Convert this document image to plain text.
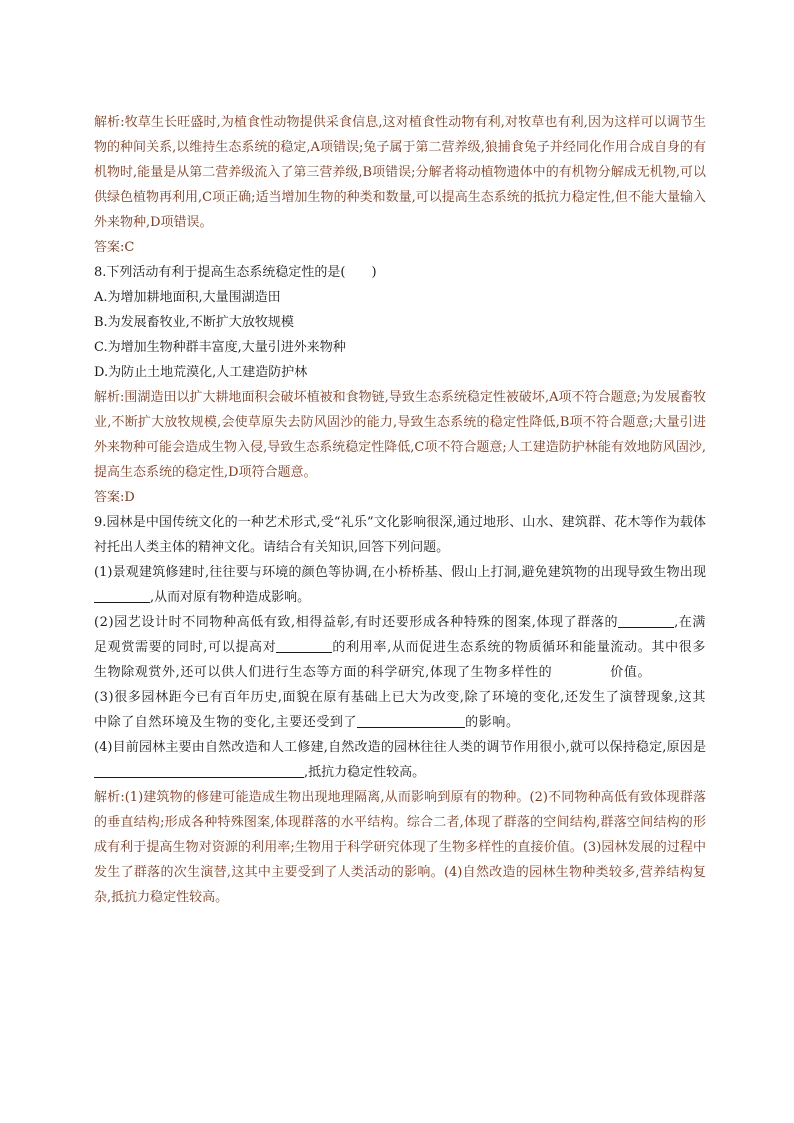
解析:牧草生长旺盛时,为植食性动物提供采食信息,这对植食性动物有利,对牧草也有利,因为这样可以调节生物的种间关系,以维持生态系统的稳定,A项错误;兔子属于第二营养级,狼捕食兔子并经同化作用合成自身的有机物时,能量是从第二营养级流入了第三营养级,B项错误;分解者将动植物遗体中的有机物分解成无机物,可以供绿色植物再利用,C项正确;适当增加生物的种类和数量,可以提高生态系统的抵抗力稳定性,但不能大量输入外来物种,D项错误。

答案:C

8.下列活动有利于提高生态系统稳定性的是(　　)

A.为增加耕地面积,大量围湖造田

B.为发展畜牧业,不断扩大放牧规模

C.为增加生物种群丰富度,大量引进外来物种

D.为防止土地荒漠化,人工建造防护林

解析:围湖造田以扩大耕地面积会破坏植被和食物链,导致生态系统稳定性被破坏,A项不符合题意;为发展畜牧业,不断扩大放牧规模,会使草原失去防风固沙的能力,导致生态系统的稳定性降低,B项不符合题意;大量引进外来物种可能会造成生物入侵,导致生态系统稳定性降低,C项不符合题意;人工建造防护林能有效地防风固沙,提高生态系统的稳定性,D项符合题意。

答案:D

9.园林是中国传统文化的一种艺术形式,受“礼乐”文化影响很深,通过地形、山水、建筑群、花木等作为载体衬托出人类主体的精神文化。请结合有关知识,回答下列问题。

(1)景观建筑修建时,往往要与环境的颜色等协调,在小桥桥基、假山上打洞,避免建筑物的出现导致生物出现,从而对原有物种造成影响。

(2)园艺设计时不同物种高低有致,相得益彰,有时还要形成各种特殊的图案,体现了群落的	,在满足观赏需要的同时,可以提高对	的利用率,从而促进生态系统的物质循环和能量流动。其中很多生物除观赏外,还可以供人们进行生态等方面的科学研究,体现了生物多样性的	价值。

(3)很多园林距今已有百年历史,面貌在原有基础上已大为改变,除了环境的变化,还发生了演替现象,这其中除了自然环境及生物的变化,主要还受到了	的影响。

(4)目前园林主要由自然改造和人工修建,自然改造的园林往往人类的调节作用很小,就可以保持稳定,原因是,抵抗力稳定性较高。

解析:(1)建筑物的修建可能造成生物出现地理隔离,从而影响到原有的物种。(2)不同物种高低有致体现群落的垂直结构;形成各种特殊图案,体现群落的水平结构。综合二者,体现了群落的空间结构,群落空间结构的形成有利于提高生物对资源的利用率;生物用于科学研究体现了生物多样性的直接价值。(3)园林发展的过程中发生了群落的次生演替,这其中主要受到了人类活动的影响。(4)自然改造的园林生物种类较多,营养结构复杂,抵抗力稳定性较高。
